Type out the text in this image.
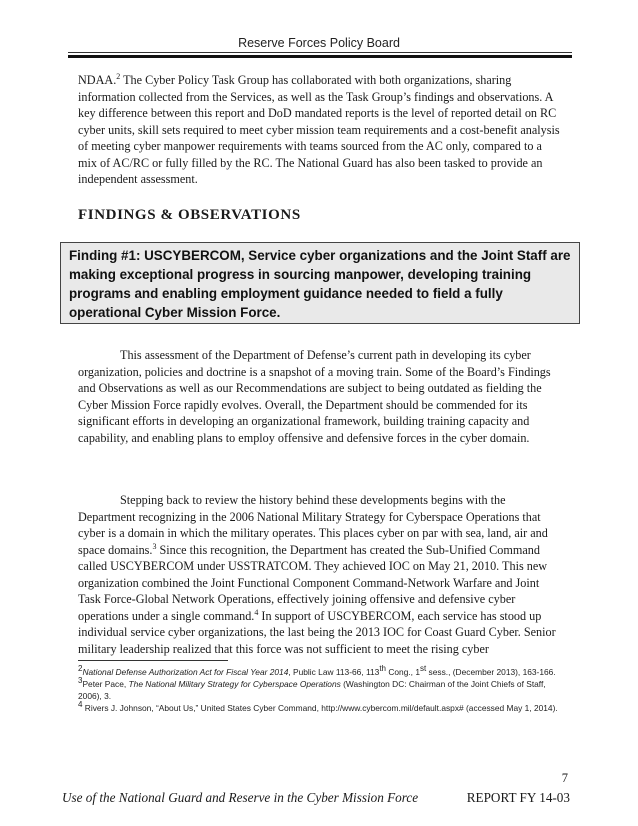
Reserve Forces Policy Board

NDAA.$^2$ The Cyber Policy Task Group has collaborated with both organizations, sharing information collected from the Services, as well as the Task Group’s findings and observations. A key difference between this report and DoD mandated reports is the level of reported detail on RC cyber units, skill sets required to meet cyber mission team requirements and a cost-benefit analysis of meeting cyber manpower requirements with teams sourced from the AC only, compared to a mix of AC/RC or fully filled by the RC. The National Guard has also been tasked to provide an independent assessment.

FINDINGS & OBSERVATIONS

Finding #1: USCYBERCOM, Service cyber organizations and the Joint Staff are making exceptional progress in sourcing manpower, developing training programs and enabling employment guidance needed to field a fully operational Cyber Mission Force.

This assessment of the Department of Defense’s current path in developing its cyber organization, policies and doctrine is a snapshot of a moving train. Some of the Board’s Findings and Observations as well as our Recommendations are subject to being outdated as fielding the Cyber Mission Force rapidly evolves. Overall, the Department should be commended for its significant efforts in developing an organizational framework, building training capacity and capability, and enabling plans to employ offensive and defensive forces in the cyber domain.

Stepping back to review the history behind these developments begins with the Department recognizing in the 2006 National Military Strategy for Cyberspace Operations that cyber is a domain in which the military operates. This places cyber on par with sea, land, air and space domains.$^3$ Since this recognition, the Department has created the Sub-Unified Command called USCYBERCOM under USSTRATCOM. They achieved IOC on May 21, 2010. This new organization combined the Joint Functional Component Command-Network Warfare and Joint Task Force-Global Network Operations, effectively joining offensive and defensive cyber operations under a single command.$^4$ In support of USCYBERCOM, each service has stood up individual service cyber organizations, the last being the 2013 IOC for Coast Guard Cyber. Senior military leadership realized that this force was not sufficient to meet the rising cyber

$^2$National Defense Authorization Act for Fiscal Year 2014, Public Law 113-66, 113th Cong., 1st sess., (December 2013), 163-166.

$^3$Peter Pace, The National Military Strategy for Cyberspace Operations (Washington DC: Chairman of the Joint Chiefs of Staff, 2006), 3.

$^4$ Rivers J. Johnson, “About Us,” United States Cyber Command, http://www.cybercom.mil/default.aspx# (accessed May 1, 2014).

7
Use of the National Guard and Reserve in the Cyber Mission Force	REPORT FY 14-03
